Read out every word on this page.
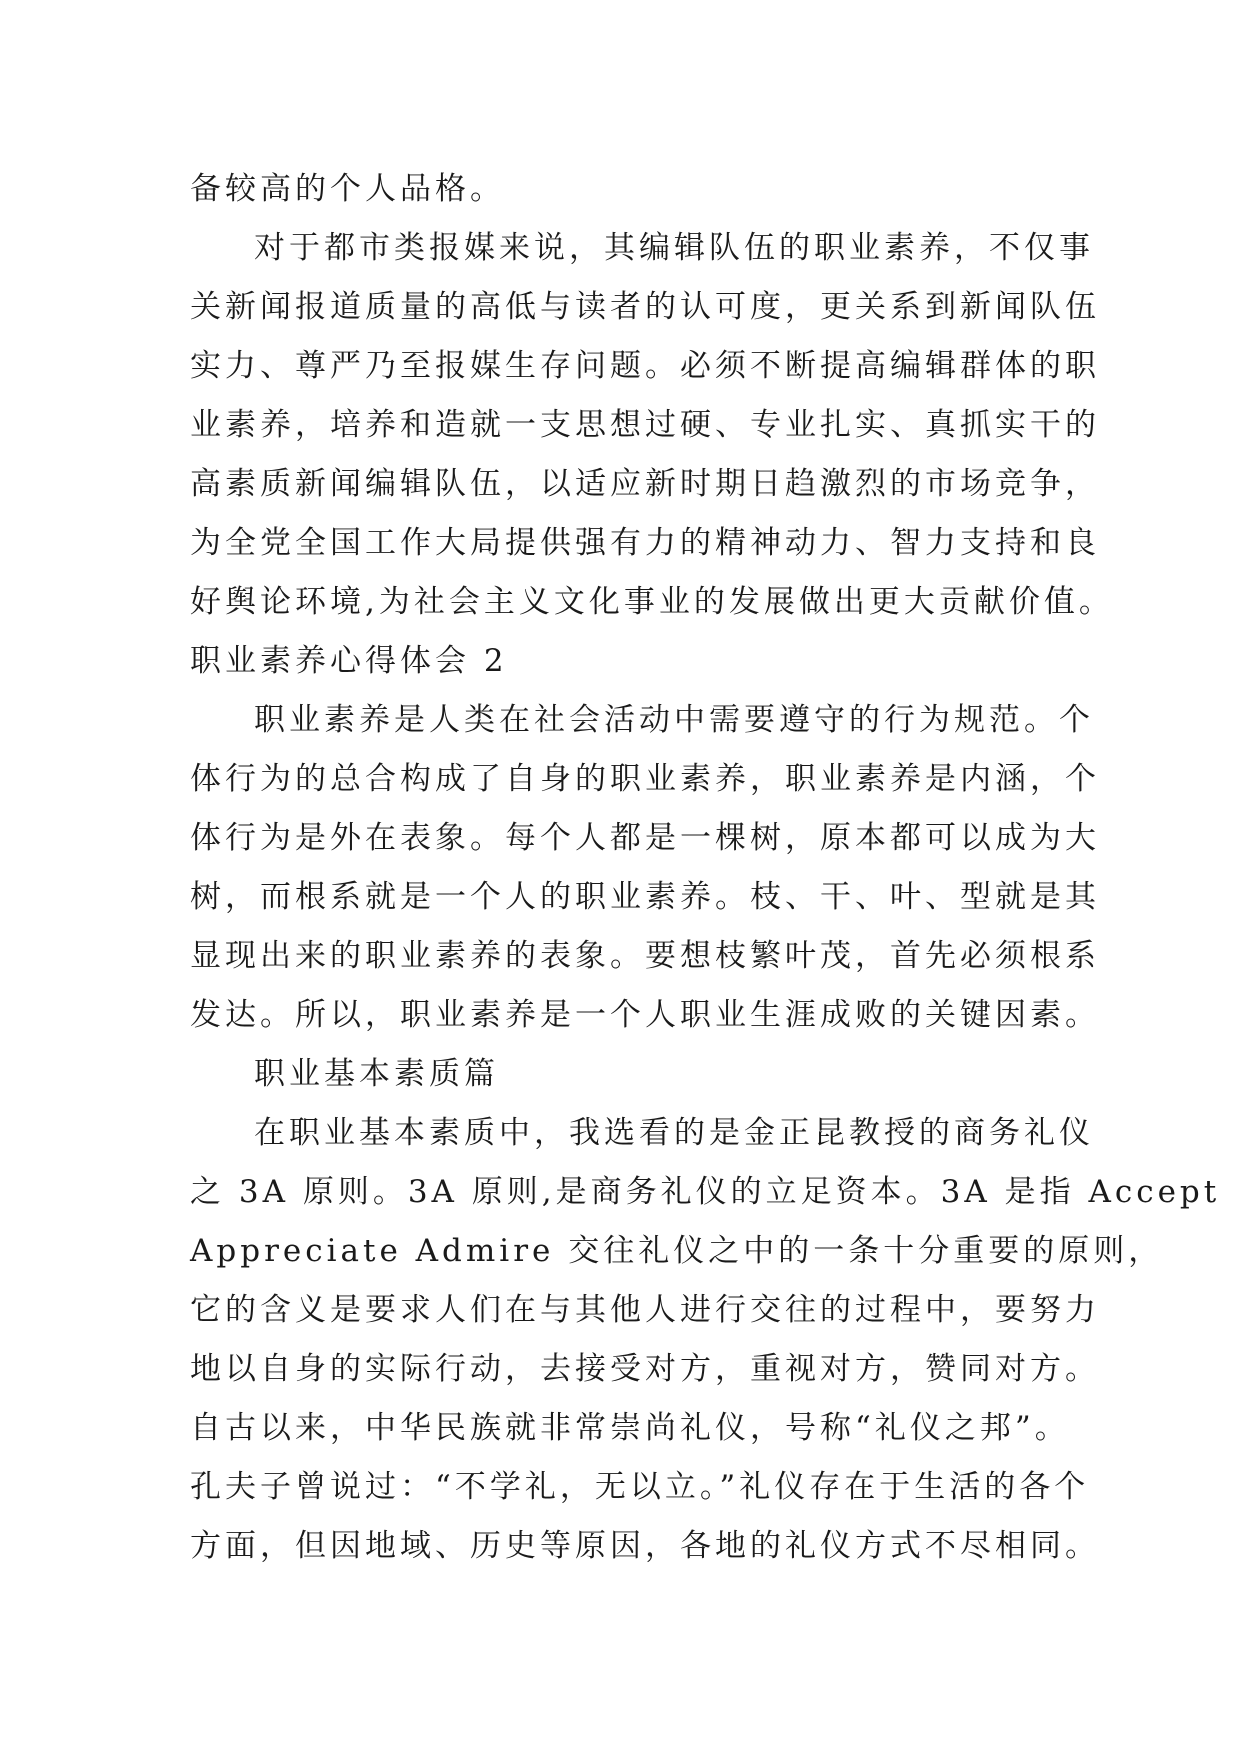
备较高的个人品格。
对于都市类报媒来说，其编辑队伍的职业素养，不仅事
关新闻报道质量的高低与读者的认可度，更关系到新闻队伍
实力、尊严乃至报媒生存问题。必须不断提高编辑群体的职
业素养，培养和造就一支思想过硬、专业扎实、真抓实干的
高素质新闻编辑队伍，以适应新时期日趋激烈的市场竞争，
为全党全国工作大局提供强有力的精神动力、智力支持和良
好舆论环境,为社会主义文化事业的发展做出更大贡献价值。
职业素养心得体会 2
职业素养是人类在社会活动中需要遵守的行为规范。个
体行为的总合构成了自身的职业素养，职业素养是内涵，个
体行为是外在表象。每个人都是一棵树，原本都可以成为大
树，而根系就是一个人的职业素养。枝、干、叶、型就是其
显现出来的职业素养的表象。要想枝繁叶茂，首先必须根系
发达。所以，职业素养是一个人职业生涯成败的关键因素。
职业基本素质篇
在职业基本素质中，我选看的是金正昆教授的商务礼仪
之 3A 原则。3A 原则,是商务礼仪的立足资本。3A 是指 Accept
Appreciate Admire 交往礼仪之中的一条十分重要的原则，
它的含义是要求人们在与其他人进行交往的过程中，要努力
地以自身的实际行动，去接受对方，重视对方，赞同对方。
自古以来，中华民族就非常崇尚礼仪，号称“礼仪之邦”。
孔夫子曾说过：“不学礼，无以立。”礼仪存在于生活的各个
方面，但因地域、历史等原因，各地的礼仪方式不尽相同。
